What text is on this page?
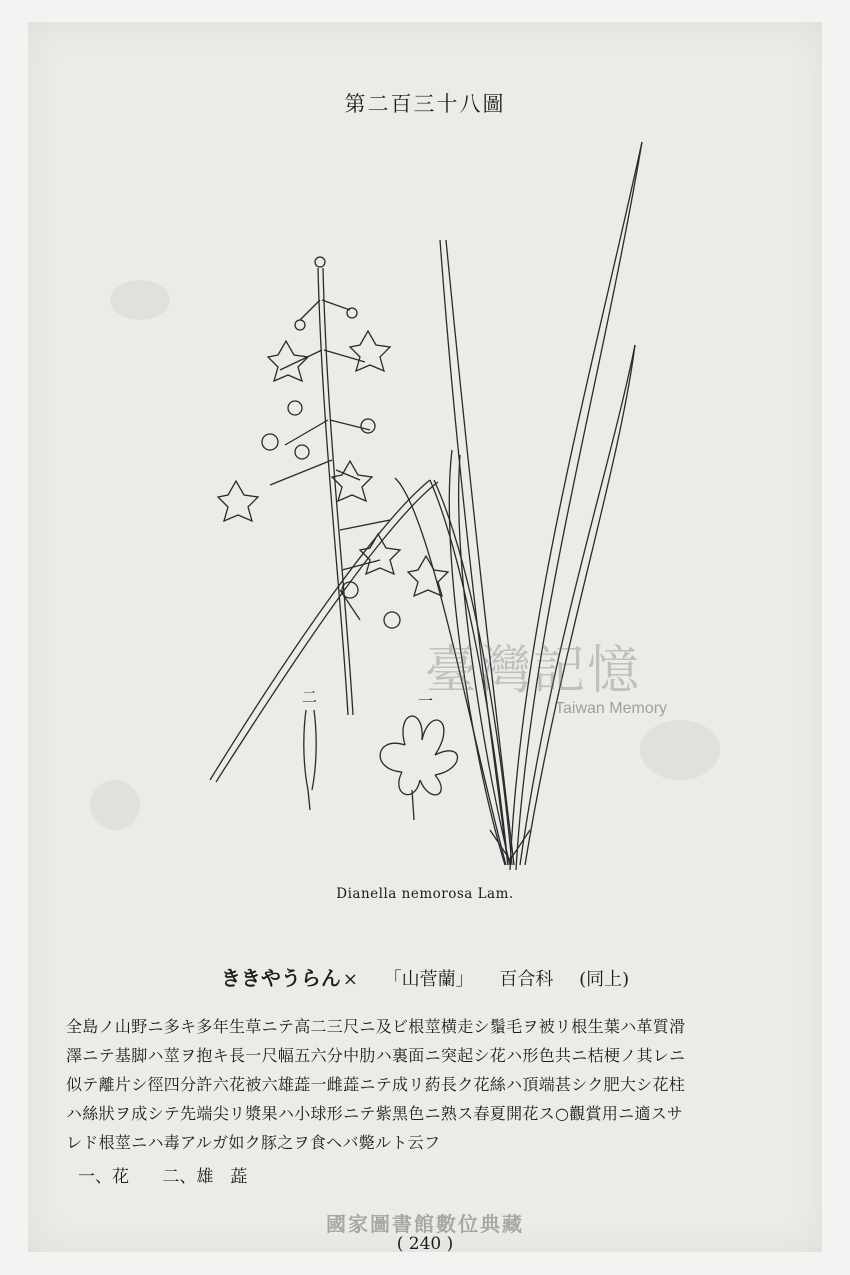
第二百三十八圖
一
二 臺灣記憶
Taiwan Memory
Dianella nemorosa Lam.
ききやうらん × 「山菅蘭」 百合科 (同上)
全島ノ山野ニ多キ多年生草ニテ高二三尺ニ及ビ根莖横走シ鬚毛ヲ被リ根生葉ハ革質滑
澤ニテ基脚ハ莖ヲ抱キ長一尺幅五六分中肋ハ裏面ニ突起シ花ハ形色共ニ桔梗ノ其レニ
似テ離片シ徑四分許六花被六雄蕋一雌蕋ニテ成リ葯長ク花絲ハ頂端甚シク肥大シ花柱
ハ絲狀ヲ成シテ先端尖リ漿果ハ小球形ニテ紫黑色ニ熟ス春夏開花ス○觀賞用ニ適スサ
レド根莖ニハ毒アルガ如ク豚之ヲ食ヘバ斃ルト云フ
一、花 二、雄　蕋
國家圖書館數位典藏
( 240 )
